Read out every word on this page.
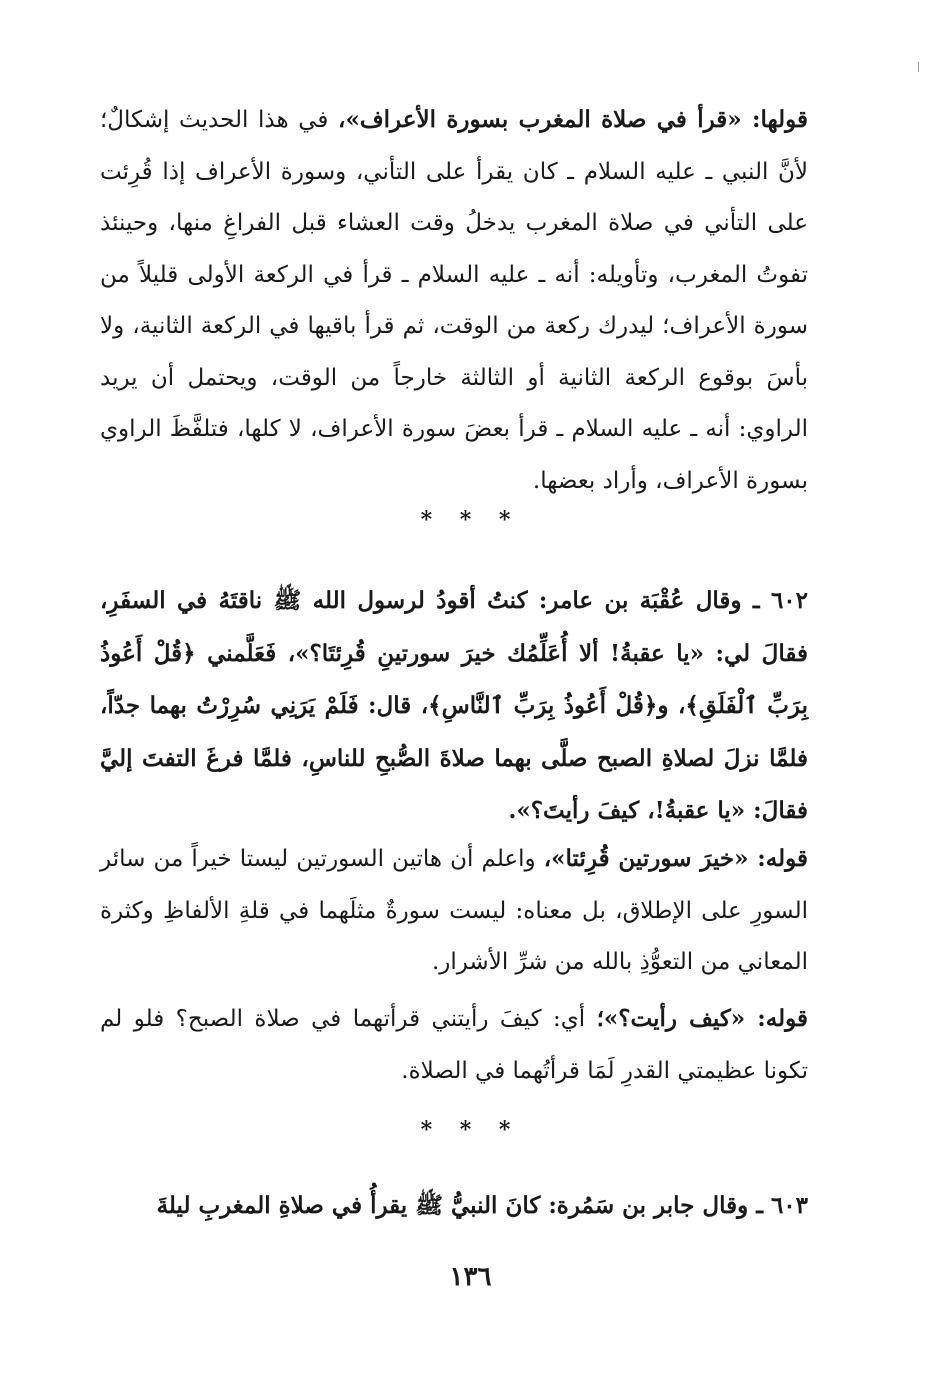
قولها: «قرأ في صلاة المغرب بسورة الأعراف»، في هذا الحديث إشكالٌ؛ لأنَّ النبي ـ عليه السلام ـ كان يقرأ على التأني، وسورة الأعراف إذا قُرِئت على التأني في صلاة المغرب يدخلُ وقت العشاء قبل الفراغِ منها، وحينئذ تفوتُ المغرب، وتأويله: أنه ـ عليه السلام ـ قرأ في الركعة الأولى قليلاً من سورة الأعراف؛ ليدرك ركعة من الوقت، ثم قرأ باقيها في الركعة الثانية، ولا بأسَ بوقوع الركعة الثانية أو الثالثة خارجاً من الوقت، ويحتمل أن يريد الراوي: أنه ـ عليه السلام ـ قرأ بعضَ سورة الأعراف، لا كلها، فتلفَّظَ الراوي بسورة الأعراف، وأراد بعضها.

* * *

٦٠٢ ـ وقال عُقْبَة بن عامر: كنتُ أقودُ لرسول الله ﷺ ناقتَهُ في السفَرِ، فقالَ لي: «يا عقبةُ! ألا أُعَلِّمُك خيرَ سورتينِ قُرِئتَا؟»، فَعَلَّمني ﴿قُلْ أَعُوذُ بِرَبِّ ٱلْفَلَقِ﴾، و﴿قُلْ أَعُوذُ بِرَبِّ ٱلنَّاسِ﴾، قال: فَلَمْ يَرَنِي سُرِرْتُ بهما جدّاً، فلمَّا نزلَ لصلاةِ الصبح صلَّى بهما صلاةَ الصُّبحِ للناسِ، فلمَّا فرغَ التفتَ إليَّ فقالَ: «يا عقبةُ!، كيفَ رأيتَ؟».

قوله: «خيرَ سورتين قُرِئتا»، واعلم أن هاتين السورتين ليستا خيراً من سائر السورِ على الإطلاق، بل معناه: ليست سورةٌ مثلَهما في قلةِ الألفاظِ وكثرة المعاني من التعوُّذِ بالله من شرِّ الأشرار.

قوله: «كيف رأيت؟»؛ أي: كيفَ رأيتني قرأتهما في صلاة الصبح؟ فلو لم تكونا عظيمتي القدرِ لَمَا قرأتُهما في الصلاة.

* * *

٦٠٣ ـ وقال جابر بن سَمُرة: كانَ النبيُّ ﷺ يقرأُ في صلاةِ المغربِ ليلةَ

١٣٦
